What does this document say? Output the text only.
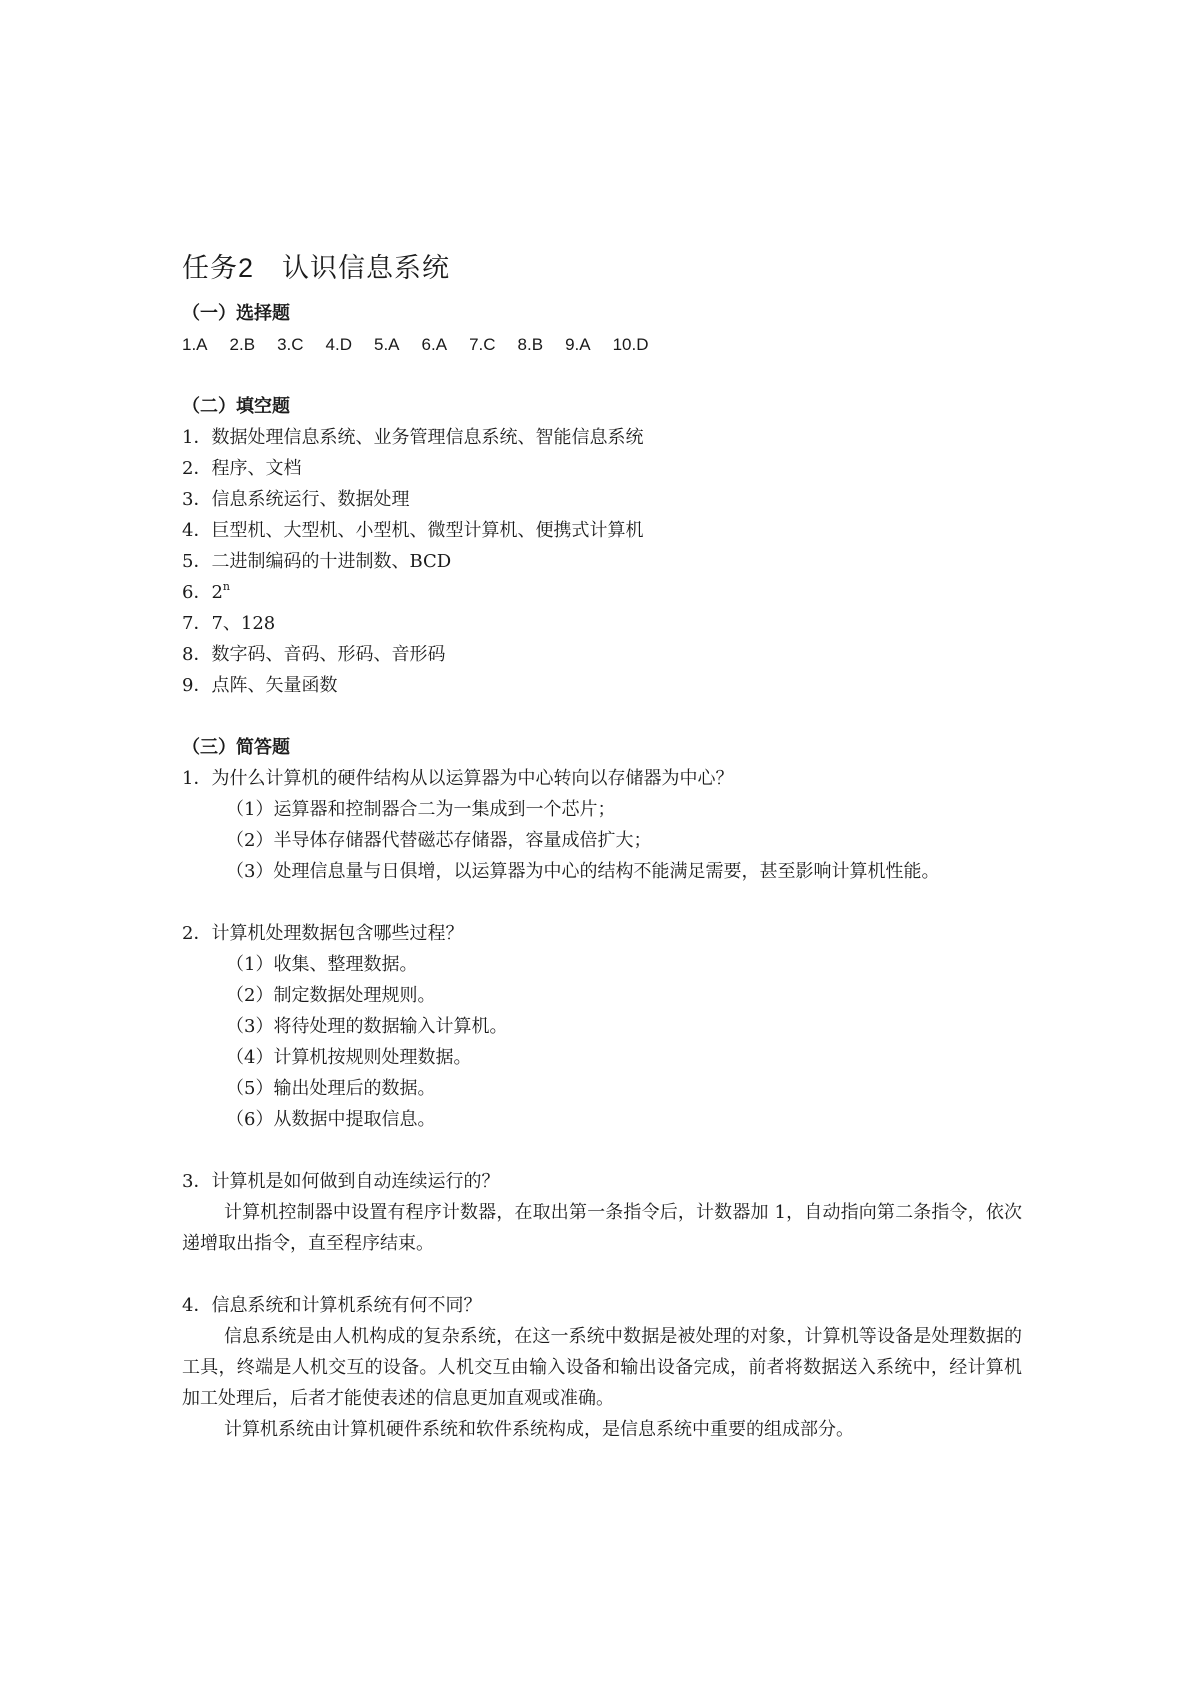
任务2 认识信息系统

（一）选择题

1.A 2.B 3.C 4.D 5.A 6.A 7.C 8.B 9.A 10.D

（二）填空题

1．数据处理信息系统、业务管理信息系统、智能信息系统

2．程序、文档

3．信息系统运行、数据处理

4．巨型机、大型机、小型机、微型计算机、便携式计算机

5．二进制编码的十进制数、BCD

6．2$^n$

7．7、128

8．数字码、音码、形码、音形码

9．点阵、矢量函数

（三）简答题

1．为什么计算机的硬件结构从以运算器为中心转向以存储器为中心？

（1）运算器和控制器合二为一集成到一个芯片；

（2）半导体存储器代替磁芯存储器，容量成倍扩大；

（3）处理信息量与日俱增，以运算器为中心的结构不能满足需要，甚至影响计算机性能。

2．计算机处理数据包含哪些过程？

（1）收集、整理数据。

（2）制定数据处理规则。

（3）将待处理的数据输入计算机。

（4）计算机按规则处理数据。

（5）输出处理后的数据。

（6）从数据中提取信息。

3．计算机是如何做到自动连续运行的？

计算机控制器中设置有程序计数器，在取出第一条指令后，计数器加 1，自动指向第二条指令，依次递增取出指令，直至程序结束。

4．信息系统和计算机系统有何不同？

信息系统是由人机构成的复杂系统，在这一系统中数据是被处理的对象，计算机等设备是处理数据的工具，终端是人机交互的设备。人机交互由输入设备和输出设备完成，前者将数据送入系统中，经计算机加工处理后，后者才能使表述的信息更加直观或准确。

计算机系统由计算机硬件系统和软件系统构成，是信息系统中重要的组成部分。
